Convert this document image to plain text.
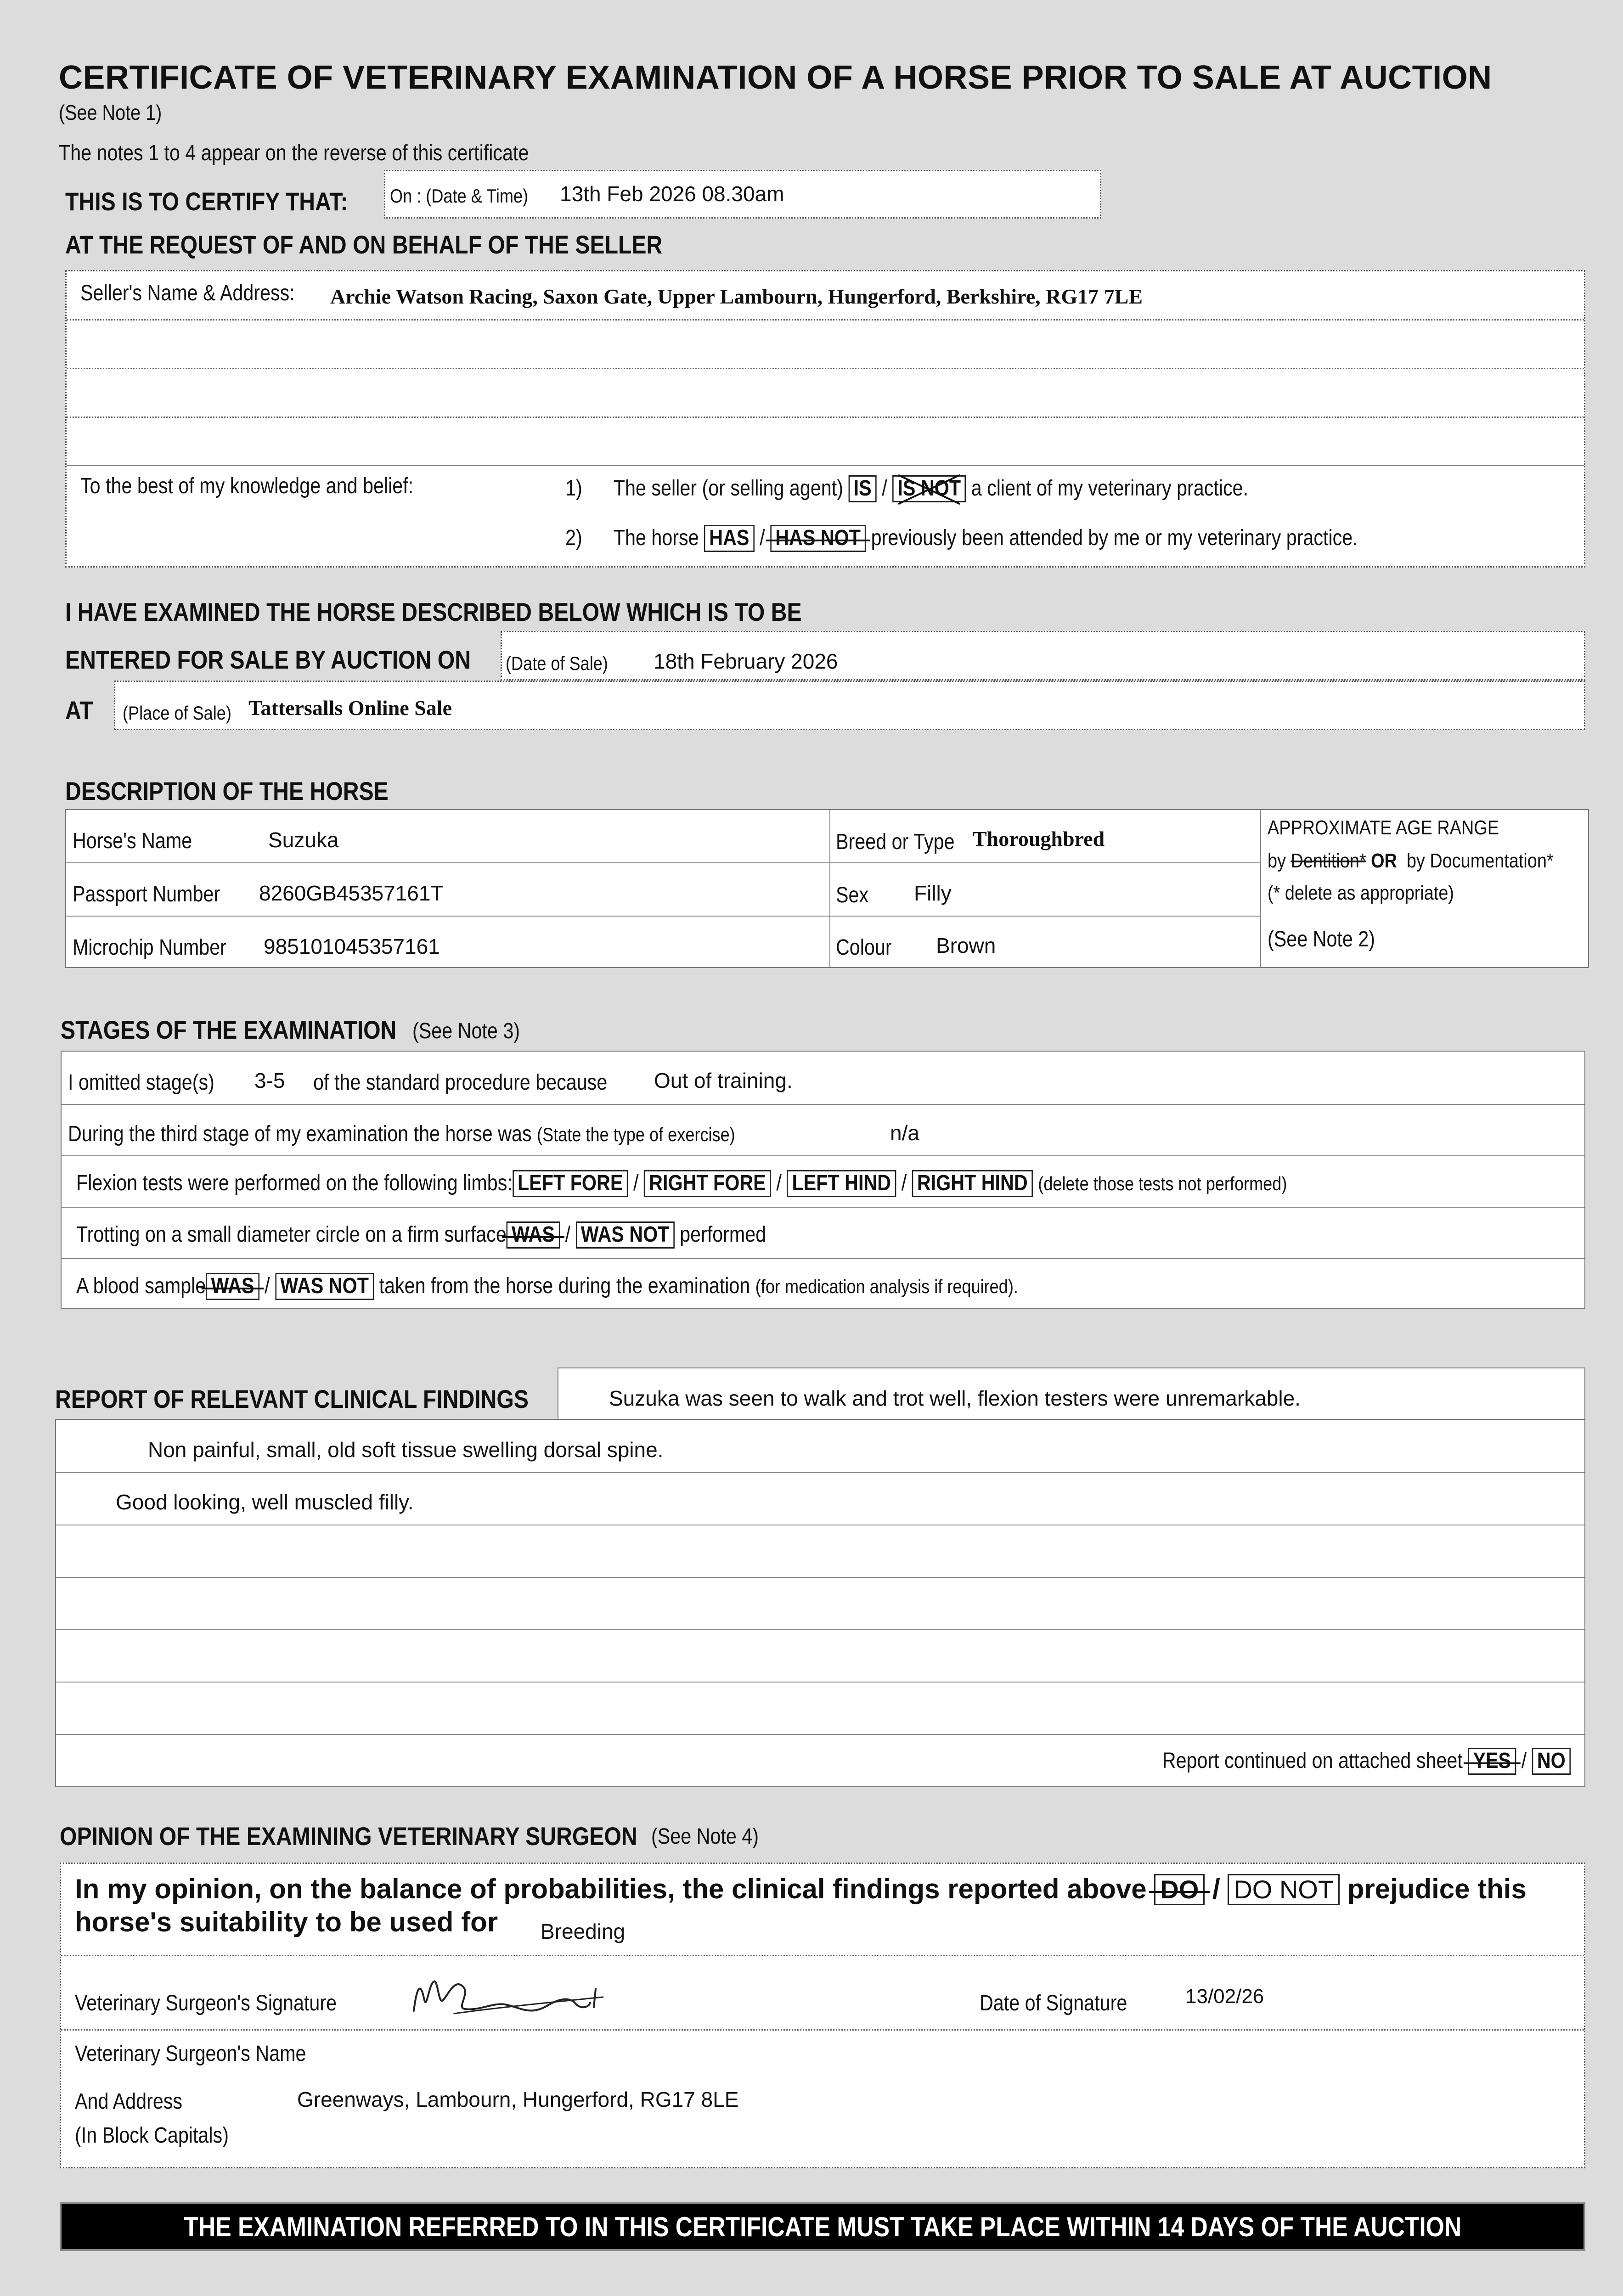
CERTIFICATE OF VETERINARY EXAMINATION OF A HORSE PRIOR TO SALE AT AUCTION
(See Note 1)
The notes 1 to 4 appear on the reverse of this certificate
THIS IS TO CERTIFY THAT: On : (Date & Time) 13th Feb 2026 08.30am
AT THE REQUEST OF AND ON BEHALF OF THE SELLER
Seller's Name & Address: Archie Watson Racing, Saxon Gate, Upper Lambourn, Hungerford, Berkshire, RG17 7LE
To the best of my knowledge and belief:	1) The seller (or selling agent) IS / IS NOT a client of my veterinary practice.
2) The horse HAS / HAS NOT previously been attended by me or my veterinary practice.
I HAVE EXAMINED THE HORSE DESCRIBED BELOW WHICH IS TO BE
ENTERED FOR SALE BY AUCTION ON (Date of Sale) 18th February 2026
AT (Place of Sale) Tattersalls Online Sale
DESCRIPTION OF THE HORSE
Horse's Name	Suzuka
Passport Number 8260GB45357161T
Microchip Number 985101045357161
Breed or Type Thoroughbred
Sex Filly
Colour Brown
APPROXIMATE AGE RANGE
by Dentition* OR by Documentation*
(* delete as appropriate)
(See Note 2)
STAGES OF THE EXAMINATION (See Note 3)
I omitted stage(s) 3-5 of the standard procedure because Out of training.
During the third stage of my examination the horse was (State the type of exercise)	n/a
Flexion tests were performed on the following limbs: LEFT FORE / RIGHT FORE / LEFT HIND / RIGHT HIND (delete those tests not performed)
Trotting on a small diameter circle on a firm surface WAS / WAS NOT performed
A blood sample WAS / WAS NOT taken from the horse during the examination (for medication analysis if required).
REPORT OF RELEVANT CLINICAL FINDINGS	Suzuka was seen to walk and trot well, flexion testers were unremarkable.
Non painful, small, old soft tissue swelling dorsal spine.
Good looking, well muscled filly.
Report continued on attached sheet YES / NO
OPINION OF THE EXAMINING VETERINARY SURGEON (See Note 4)
In my opinion, on the balance of probabilities, the clinical findings reported above DO / DO NOT prejudice this
horse's suitability to be used for Breeding
Veterinary Surgeon's Signature	Date of Signature	13/02/26
Veterinary Surgeon's Name
And Address	Greenways, Lambourn, Hungerford, RG17 8LE
(In Block Capitals)
THE EXAMINATION REFERRED TO IN THIS CERTIFICATE MUST TAKE PLACE WITHIN 14 DAYS OF THE AUCTION
